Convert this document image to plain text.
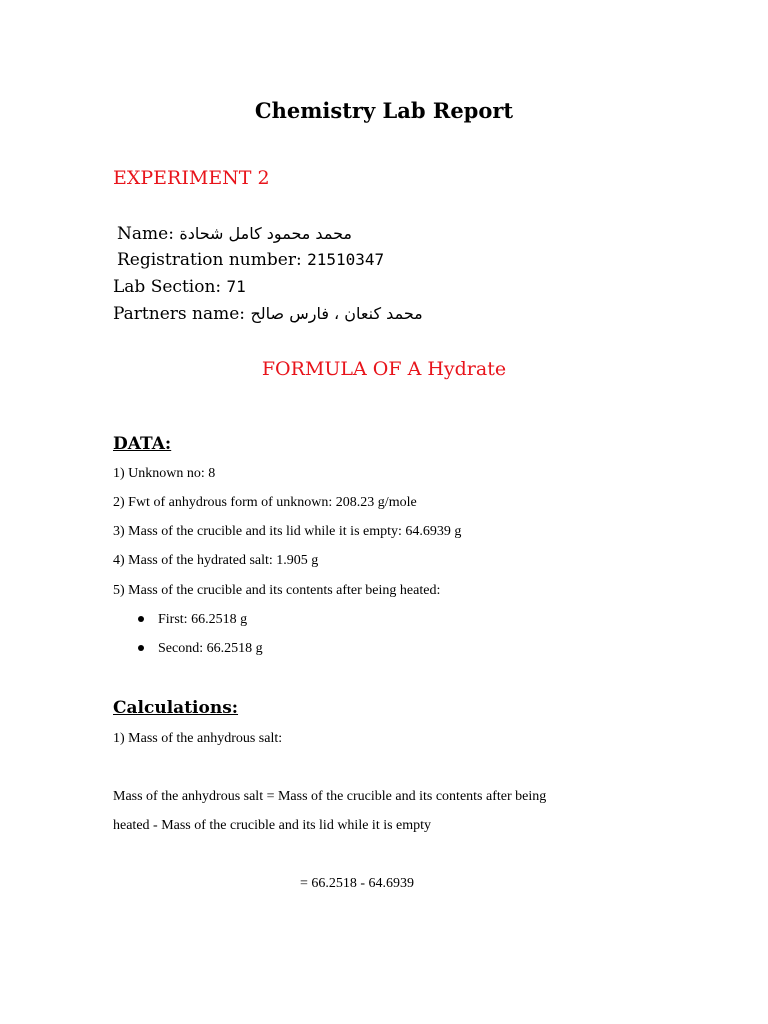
Chemistry Lab Report
EXPERIMENT 2
Name: محمد محمود كامل شحادة
Registration number: 21510347
Lab Section: 71
Partners name: محمد كنعان ، فارس صالح
FORMULA OF A Hydrate
DATA:
1) Unknown no: 8
2) Fwt of anhydrous form of unknown: 208.23 g/mole
3) Mass of the crucible and its lid while it is empty: 64.6939 g
4) Mass of the hydrated salt: 1.905 g
5) Mass of the crucible and its contents after being heated:
First: 66.2518 g
Second: 66.2518 g
Calculations:
1) Mass of the anhydrous salt:
Mass of the anhydrous salt = Mass of the crucible and its contents after being
heated - Mass of the crucible and its lid while it is empty
= 66.2518 - 64.6939
